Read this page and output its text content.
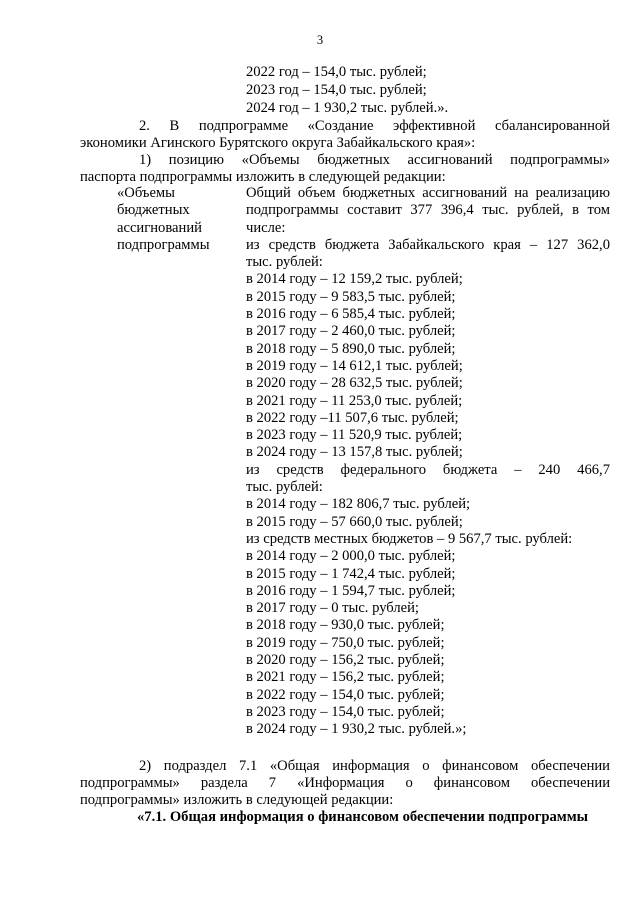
3
2022 год – 154,0 тыс. рублей;
2023 год – 154,0 тыс. рублей;
2024 год – 1 930,2 тыс. рублей.».
2. В подпрограмме «Создание эффективной сбалансированной
экономики Агинского Бурятского округа Забайкальского края»:
1) позицию «Объемы бюджетных ассигнований подпрограммы»
паспорта подпрограммы изложить в следующей редакции:
«Объемы
бюджетных
ассигнований
подпрограммы
Общий объем бюджетных ассигнований на реализацию
подпрограммы составит 377 396,4 тыс. рублей, в том
числе:
из средств бюджета Забайкальского края – 127 362,0
тыс. рублей:
в 2014 году – 12 159,2 тыс. рублей;
в 2015 году – 9 583,5 тыс. рублей;
в 2016 году – 6 585,4 тыс. рублей;
в 2017 году – 2 460,0 тыс. рублей;
в 2018 году – 5 890,0 тыс. рублей;
в 2019 году – 14 612,1 тыс. рублей;
в 2020 году – 28 632,5 тыс. рублей;
в 2021 году – 11 253,0 тыс. рублей;
в 2022 году –11 507,6 тыс. рублей;
в 2023 году – 11 520,9 тыс. рублей;
в 2024 году – 13 157,8 тыс. рублей;
из средств федерального бюджета – 240 466,7
тыс. рублей:
в 2014 году – 182 806,7 тыс. рублей;
в 2015 году – 57 660,0 тыс. рублей;
из средств местных бюджетов – 9 567,7 тыс. рублей:
в 2014 году – 2 000,0 тыс. рублей;
в 2015 году – 1 742,4 тыс. рублей;
в 2016 году – 1 594,7 тыс. рублей;
в 2017 году – 0 тыс. рублей;
в 2018 году – 930,0 тыс. рублей;
в 2019 году – 750,0 тыс. рублей;
в 2020 году – 156,2 тыс. рублей;
в 2021 году – 156,2 тыс. рублей;
в 2022 году – 154,0 тыс. рублей;
в 2023 году – 154,0 тыс. рублей;
в 2024 году – 1 930,2 тыс. рублей.»;
2) подраздел 7.1 «Общая информация о финансовом обеспечении
подпрограммы» раздела 7 «Информация о финансовом обеспечении
подпрограммы» изложить в следующей редакции:
«7.1. Общая информация о финансовом обеспечении подпрограммы
